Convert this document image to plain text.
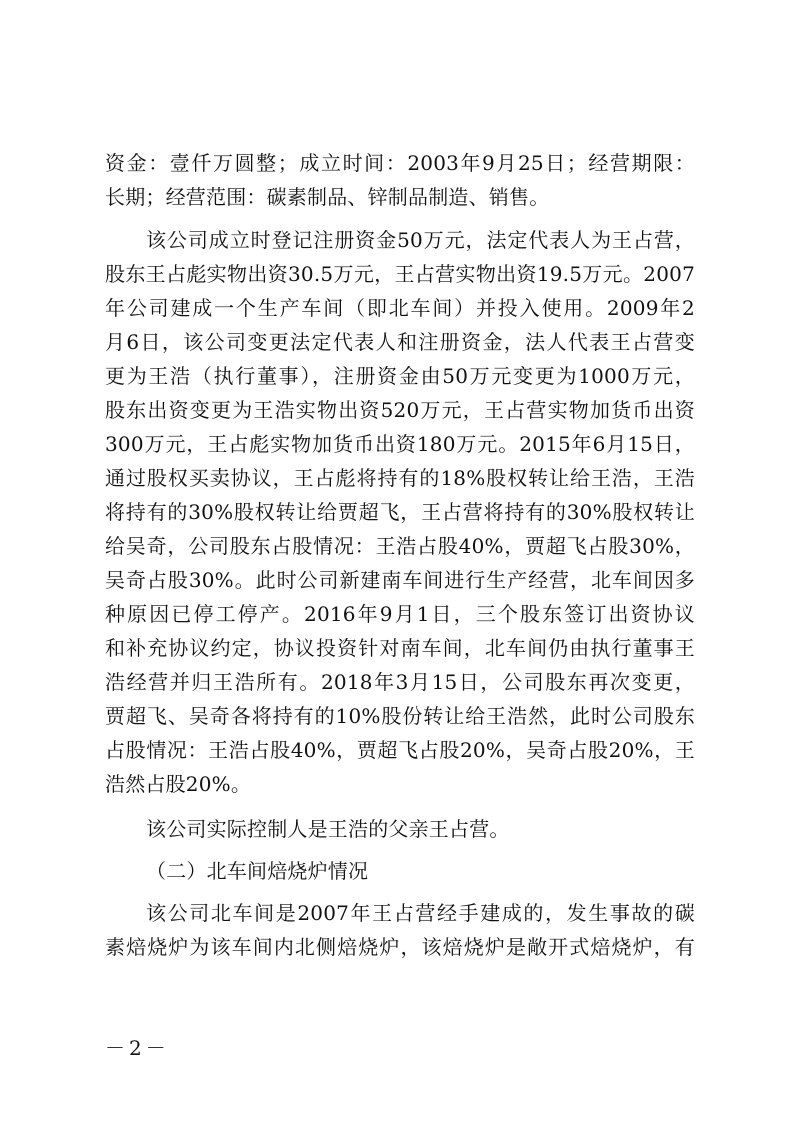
资金：壹仟万圆整；成立时间：2003年9月25日；经营期限：
长期；经营范围：碳素制品、锌制品制造、销售。
该公司成立时登记注册资金50万元，法定代表人为王占营，
股东王占彪实物出资30.5万元，王占营实物出资19.5万元。2007
年公司建成一个生产车间（即北车间）并投入使用。2009年2
月6日，该公司变更法定代表人和注册资金，法人代表王占营变
更为王浩（执行董事），注册资金由50万元变更为1000万元，
股东出资变更为王浩实物出资520万元，王占营实物加货币出资
300万元，王占彪实物加货币出资180万元。2015年6月15日，
通过股权买卖协议，王占彪将持有的18%股权转让给王浩，王浩
将持有的30%股权转让给贾超飞，王占营将持有的30%股权转让
给吴奇，公司股东占股情况：王浩占股40%，贾超飞占股30%，
吴奇占股30%。此时公司新建南车间进行生产经营，北车间因多
种原因已停工停产。2016年9月1日，三个股东签订出资协议
和补充协议约定，协议投资针对南车间，北车间仍由执行董事王
浩经营并归王浩所有。2018年3月15日，公司股东再次变更，
贾超飞、吴奇各将持有的10%股份转让给王浩然，此时公司股东
占股情况：王浩占股40%，贾超飞占股20%，吴奇占股20%，王
浩然占股20%。
该公司实际控制人是王浩的父亲王占营。
（二）北车间焙烧炉情况
该公司北车间是2007年王占营经手建成的，发生事故的碳
素焙烧炉为该车间内北侧焙烧炉，该焙烧炉是敞开式焙烧炉，有
－2－
